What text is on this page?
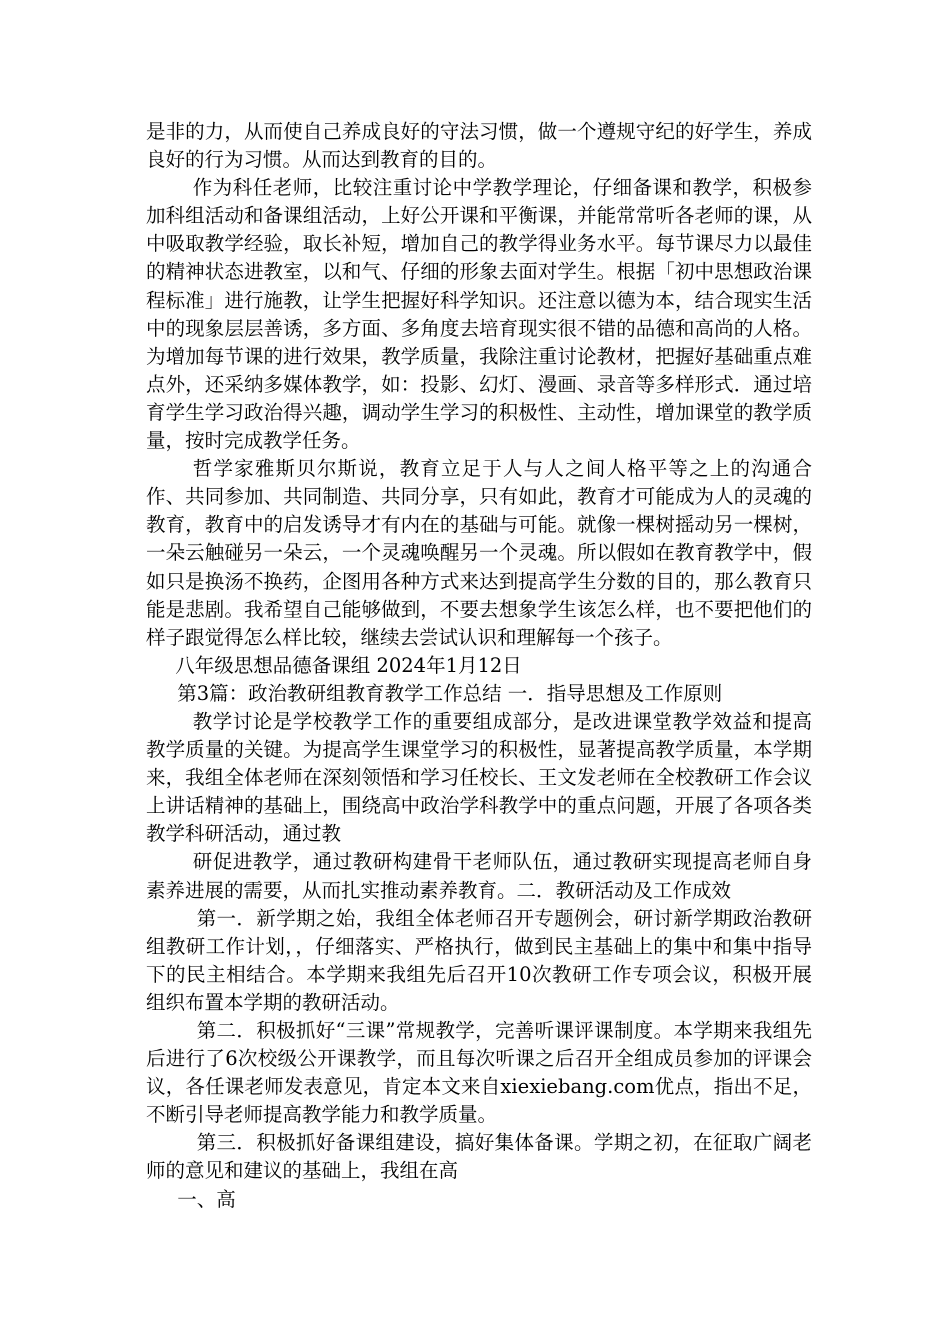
是非的力，从而使自己养成良好的守法习惯，做一个遵规守纪的好学生，养成良好的行为习惯。从而达到教育的目的。

作为科任老师，比较注重讨论中学教学理论，仔细备课和教学，积极参加科组活动和备课组活动，上好公开课和平衡课，并能常常听各老师的课，从中吸取教学经验，取长补短，增加自己的教学得业务水平。每节课尽力以最佳的精神状态进教室，以和气、仔细的形象去面对学生。根据「初中思想政治课程标准」进行施教，让学生把握好科学知识。还注意以德为本，结合现实生活中的现象层层善诱，多方面、多角度去培育现实很不错的品德和高尚的人格。为增加每节课的进行效果，教学质量，我除注重讨论教材，把握好基础重点难点外，还采纳多媒体教学，如：投影、幻灯、漫画、录音等多样形式．通过培育学生学习政治得兴趣，调动学生学习的积极性、主动性，增加课堂的教学质量，按时完成教学任务。

哲学家雅斯贝尔斯说，教育立足于人与人之间人格平等之上的沟通合作、共同参加、共同制造、共同分享，只有如此，教育才可能成为人的灵魂的教育，教育中的启发诱导才有内在的基础与可能。就像一棵树摇动另一棵树，一朵云触碰另一朵云，一个灵魂唤醒另一个灵魂。所以假如在教育教学中，假如只是换汤不换药，企图用各种方式来达到提高学生分数的目的，那么教育只能是悲剧。我希望自己能够做到，不要去想象学生该怎么样，也不要把他们的样子跟觉得怎么样比较，继续去尝试认识和理解每一个孩子。

八年级思想品德备课组 2024年1月12日

第3篇：政治教研组教育教学工作总结 一．指导思想及工作原则

教学讨论是学校教学工作的重要组成部分，是改进课堂教学效益和提高教学质量的关键。为提高学生课堂学习的积极性，显著提高教学质量，本学期来，我组全体老师在深刻领悟和学习任校长、王文发老师在全校教研工作会议上讲话精神的基础上，围绕高中政治学科教学中的重点问题，开展了各项各类教学科研活动，通过教

研促进教学，通过教研构建骨干老师队伍，通过教研实现提高老师自身素养进展的需要，从而扎实推动素养教育。二．教研活动及工作成效

第一．新学期之始，我组全体老师召开专题例会，研讨新学期政治教研组教研工作计划，，仔细落实、严格执行，做到民主基础上的集中和集中指导下的民主相结合。本学期来我组先后召开10次教研工作专项会议，积极开展组织布置本学期的教研活动。

第二．积极抓好“三课”常规教学，完善听课评课制度。本学期来我组先后进行了6次校级公开课教学，而且每次听课之后召开全组成员参加的评课会议，各任课老师发表意见，肯定本文来自xiexiebang.com优点，指出不足，不断引导老师提高教学能力和教学质量。

第三．积极抓好备课组建设，搞好集体备课。学期之初，在征取广阔老师的意见和建议的基础上，我组在高

一、高
